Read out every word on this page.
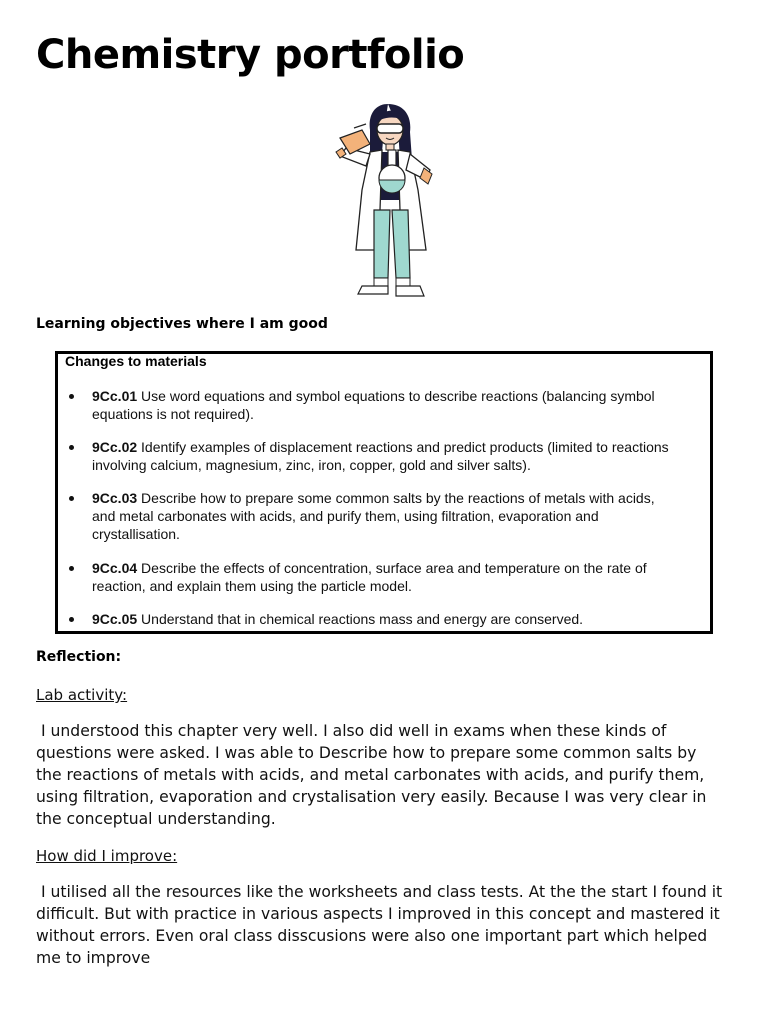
Chemistry portfolio
Learning objectives where I am good
Changes to materials
9Cc.01 Use word equations and symbol equations to describe reactions (balancing symbol equations is not required).
9Cc.02 Identify examples of displacement reactions and predict products (limited to reactions involving calcium, magnesium, zinc, iron, copper, gold and silver salts).
9Cc.03 Describe how to prepare some common salts by the reactions of metals with acids, and metal carbonates with acids, and purify them, using filtration, evaporation and crystallisation.
9Cc.04 Describe the effects of concentration, surface area and temperature on the rate of reaction, and explain them using the particle model.
9Cc.05 Understand that in chemical reactions mass and energy are conserved.
Reflection:
Lab activity:

I understood this chapter very well. I also did well in exams when these kinds of questions were asked. I was able to Describe how to prepare some common salts by the reactions of metals with acids, and metal carbonates with acids, and purify them, using filtration, evaporation and crystalisation very easily. Because I was very clear in the conceptual understanding.

How did I improve:

I utilised all the resources like the worksheets and class tests. At the the start I found it difficult. But with practice in various aspects I improved in this concept and mastered it without errors. Even oral class disscusions were also one important part which helped me to improve
